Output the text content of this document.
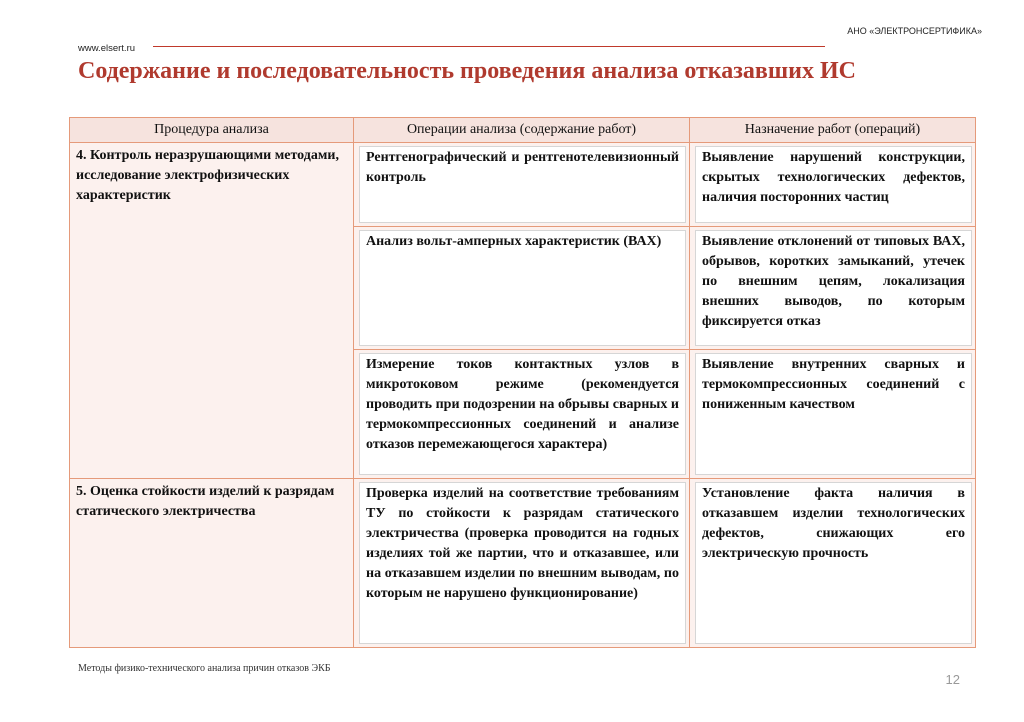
АНО «ЭЛЕКТРОНСЕРТИФИКА»
www.elsert.ru
Содержание и последовательность проведения анализа отказавших ИС
Процедура анализа	Операции анализа (содержание работ)	Назначение работ (операций)
4. Контроль неразрушающими методами, исследование электрофизических характеристик	Рентгенографический и рентгенотелевизионный контроль	Выявление нарушений конструкции, скрытых технологических дефектов, наличия посторонних частиц

	Анализ вольт-амперных характеристик (ВАХ)	Выявление отклонений от типовых ВАХ, обрывов, коротких замыканий, утечек по внешним цепям, локализация внешних выводов, по которым фиксируется отказ

	Измерение токов контактных узлов в микротоковом режиме (рекомендуется проводить при подозрении на обрывы сварных и термокомпрессионных соединений и анализе отказов перемежающегося характера)	Выявление внутренних сварных и термокомпрессионных соединений с пониженным качеством

5. Оценка стойкости изделий к разрядам статического электричества	Проверка изделий на соответствие требованиям ТУ по стойкости к разрядам статического электричества (проверка проводится на годных изделиях той же партии, что и отказавшее, или на отказавшем изделии по внешним выводам, по которым не нарушено функционирование)	Установление факта наличия в отказавшем изделии технологических дефектов, снижающих его электрическую прочность
Методы физико-технического анализа причин отказов ЭКБ
12
